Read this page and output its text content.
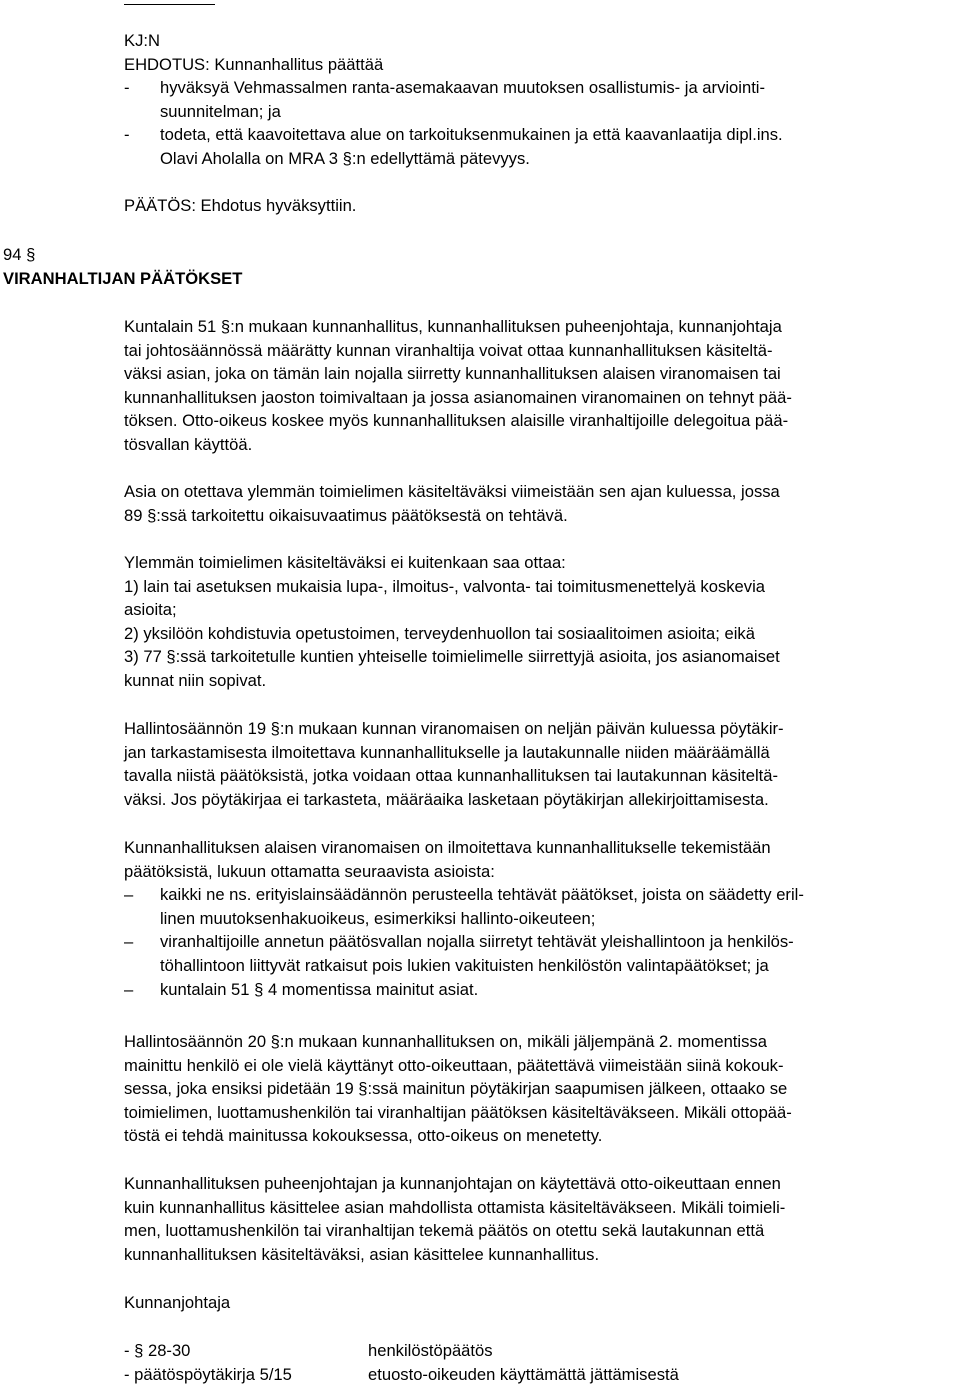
KJ:N
EHDOTUS: Kunnanhallitus päättää
- hyväksyä Vehmassalmen ranta-asemakaavan muutoksen osallistumis- ja arviointi-
suunnitelman; ja
- todeta, että kaavoitettava alue on tarkoituksenmukainen ja että kaavanlaatija dipl.ins.
Olavi Aholalla on MRA 3 §:n edellyttämä pätevyys.
PÄÄTÖS: Ehdotus hyväksyttiin.
94 §
VIRANHALTIJAN PÄÄTÖKSET
Kuntalain 51 §:n mukaan kunnanhallitus, kunnanhallituksen puheenjohtaja, kunnanjohtaja
tai johtosäännössä määrätty kunnan viranhaltija voivat ottaa kunnanhallituksen käsiteltä-
väksi asian, joka on tämän lain nojalla siirretty kunnanhallituksen alaisen viranomaisen tai
kunnanhallituksen jaoston toimivaltaan ja jossa asianomainen viranomainen on tehnyt pää-
töksen. Otto-oikeus koskee myös kunnanhallituksen alaisille viranhaltijoille delegoitua pää-
tösvallan käyttöä.
Asia on otettava ylemmän toimielimen käsiteltäväksi viimeistään sen ajan kuluessa, jossa
89 §:ssä tarkoitettu oikaisuvaatimus päätöksestä on tehtävä.
Ylemmän toimielimen käsiteltäväksi ei kuitenkaan saa ottaa:
1) lain tai asetuksen mukaisia lupa-, ilmoitus-, valvonta- tai toimitusmenettelyä koskevia
asioita;
2) yksilöön kohdistuvia opetustoimen, terveydenhuollon tai sosiaalitoimen asioita; eikä
3) 77 §:ssä tarkoitetulle kuntien yhteiselle toimielimelle siirrettyjä asioita, jos asianomaiset
kunnat niin sopivat.
Hallintosäännön 19 §:n mukaan kunnan viranomaisen on neljän päivän kuluessa pöytäkir-
jan tarkastamisesta ilmoitettava kunnanhallitukselle ja lautakunnalle niiden määräämällä
tavalla niistä päätöksistä, jotka voidaan ottaa kunnanhallituksen tai lautakunnan käsiteltä-
väksi. Jos pöytäkirjaa ei tarkasteta, määräaika lasketaan pöytäkirjan allekirjoittamisesta.
Kunnanhallituksen alaisen viranomaisen on ilmoitettava kunnanhallitukselle tekemistään
päätöksistä, lukuun ottamatta seuraavista asioista:
– kaikki ne ns. erityislainsäädännön perusteella tehtävät päätökset, joista on säädetty eril-
linen muutoksenhakuoikeus, esimerkiksi hallinto-oikeuteen;
– viranhaltijoille annetun päätösvallan nojalla siirretyt tehtävät yleishallintoon ja henkilös-
töhallintoon liittyvät ratkaisut pois lukien vakituisten henkilöstön valintapäätökset; ja
– kuntalain 51 § 4 momentissa mainitut asiat.
Hallintosäännön 20 §:n mukaan kunnanhallituksen on, mikäli jäljempänä 2. momentissa
mainittu henkilö ei ole vielä käyttänyt otto-oikeuttaan, päätettävä viimeistään siinä kokouk-
sessa, joka ensiksi pidetään 19 §:ssä mainitun pöytäkirjan saapumisen jälkeen, ottaako se
toimielimen, luottamushenkilön tai viranhaltijan päätöksen käsiteltäväkseen. Mikäli ottopää-
töstä ei tehdä mainitussa kokouksessa, otto-oikeus on menetetty.
Kunnanhallituksen puheenjohtajan ja kunnanjohtajan on käytettävä otto-oikeuttaan ennen
kuin kunnanhallitus käsittelee asian mahdollista ottamista käsiteltäväkseen. Mikäli toimieli-
men, luottamushenkilön tai viranhaltijan tekemä päätös on otettu sekä lautakunnan että
kunnanhallituksen käsiteltäväksi, asian käsittelee kunnanhallitus.
Kunnanjohtaja
- § 28-30	henkilöstöpäätös
- päätöspöytäkirja 5/15	etuosto-oikeuden käyttämättä jättämisestä
